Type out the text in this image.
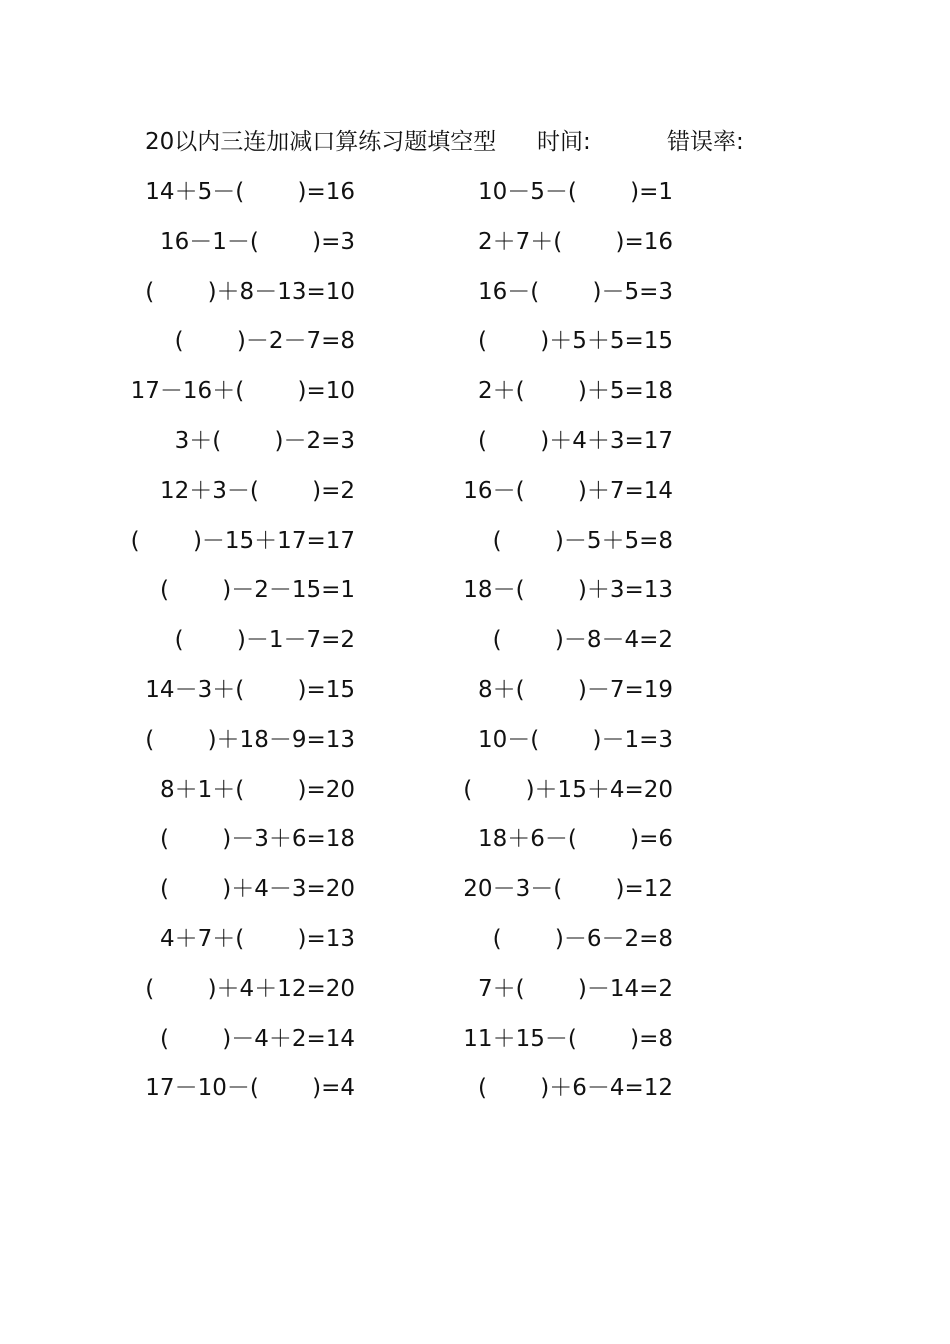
20以内三连加减口算练习题填空型 时间:	错误率:
14＋5－(　 　)=16	10－5－(　 　)=1
16－1－(　 　)=3	2＋7＋(　 　)=16
(　 　)＋8－13=10	16－(　 　)－5=3
(　 　)－2－7=8	(　 　)＋5＋5=15
17－16＋(　 　)=10	2＋(　 　)＋5=18
3＋(　 　)－2=3	(　 　)＋4＋3=17
12＋3－(　 　)=2	16－(　 　)＋7=14
(　 　)－15＋17=17	(　 　)－5＋5=8
(　 　)－2－15=1	18－(　 　)＋3=13
(　 　)－1－7=2	(　 　)－8－4=2
14－3＋(　 　)=15	8＋(　 　)－7=19
(　 　)＋18－9=13	10－(　 　)－1=3
8＋1＋(　 　)=20	(　 　)＋15＋4=20
(　 　)－3＋6=18	18＋6－(　 　)=6
(　 　)＋4－3=20	20－3－(　 　)=12
4＋7＋(　 　)=13	(　 　)－6－2=8
(　 　)＋4＋12=20	7＋(　 　)－14=2
(　 　)－4＋2=14	11＋15－(　 　)=8
17－10－(　 　)=4	(　 　)＋6－4=12
